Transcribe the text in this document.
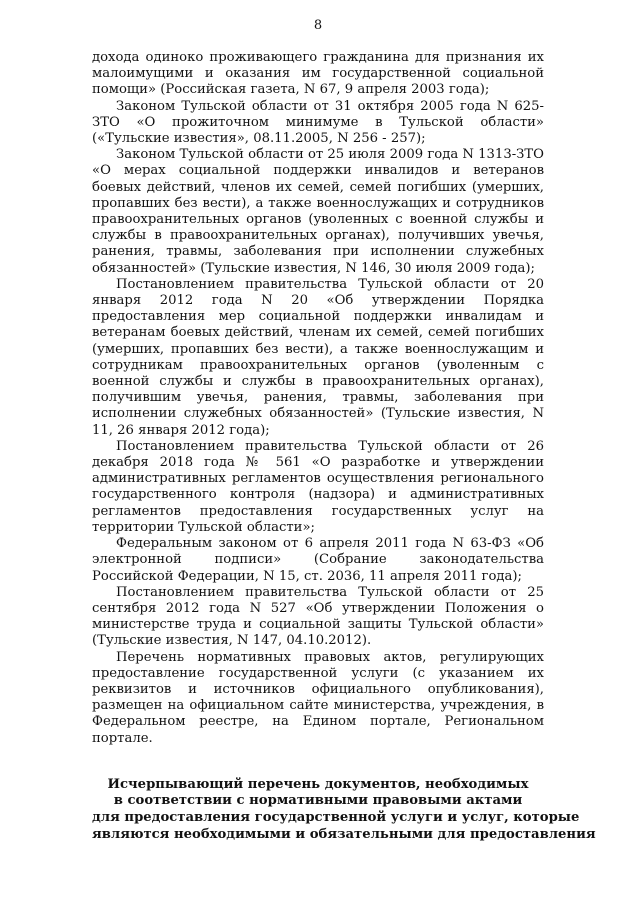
8

дохода одиноко проживающего гражданина для признания их малоимущими и оказания им государственной социальной помощи» (Российская газета, N 67, 9 апреля 2003 года);

Законом Тульской области от 31 октября 2005 года N 625-ЗТО «О прожиточном минимуме в Тульской области» («Тульские известия», 08.11.2005, N 256 - 257);

Законом Тульской области от 25 июля 2009 года N 1313-ЗТО «О мерах социальной поддержки инвалидов и ветеранов боевых действий, членов их семей, семей погибших (умерших, пропавших без вести), а также военнослужащих и сотрудников правоохранительных органов (уволенных с военной службы и службы в правоохранительных органах), получивших увечья, ранения, травмы, заболевания при исполнении служебных обязанностей» (Тульские известия, N 146, 30 июля 2009 года);

Постановлением правительства Тульской области от 20 января 2012 года N 20 «Об утверждении Порядка предоставления мер социальной поддержки инвалидам и ветеранам боевых действий, членам их семей, семей погибших (умерших, пропавших без вести), а также военнослужащим и сотрудникам правоохранительных органов (уволенным с военной службы и службы в правоохранительных органах), получившим увечья, ранения, травмы, заболевания при исполнении служебных обязанностей» (Тульские известия, N 11, 26 января 2012 года);

Постановлением правительства Тульской области от 26 декабря 2018 года № 561 «О разработке и утверждении административных регламентов осуществления регионального государственного контроля (надзора) и административных регламентов предоставления государственных услуг на территории Тульской области»;

Федеральным законом от 6 апреля 2011 года N 63-ФЗ «Об электронной подписи» (Собрание законодательства Российской Федерации, N 15, ст. 2036, 11 апреля 2011 года);

Постановлением правительства Тульской области от 25 сентября 2012 года N 527 «Об утверждении Положения о министерстве труда и социальной защиты Тульской области» (Тульские известия, N 147, 04.10.2012).

Перечень нормативных правовых актов, регулирующих предоставление государственной услуги (с указанием их реквизитов и источников официального опубликования), размещен на официальном сайте министерства, учреждения, в Федеральном реестре, на Едином портале, Региональном портале.

Исчерпывающий перечень документов, необходимых
в соответствии с нормативными правовыми актами
для предоставления государственной услуги и услуг, которые
являются необходимыми и обязательными для предоставления
